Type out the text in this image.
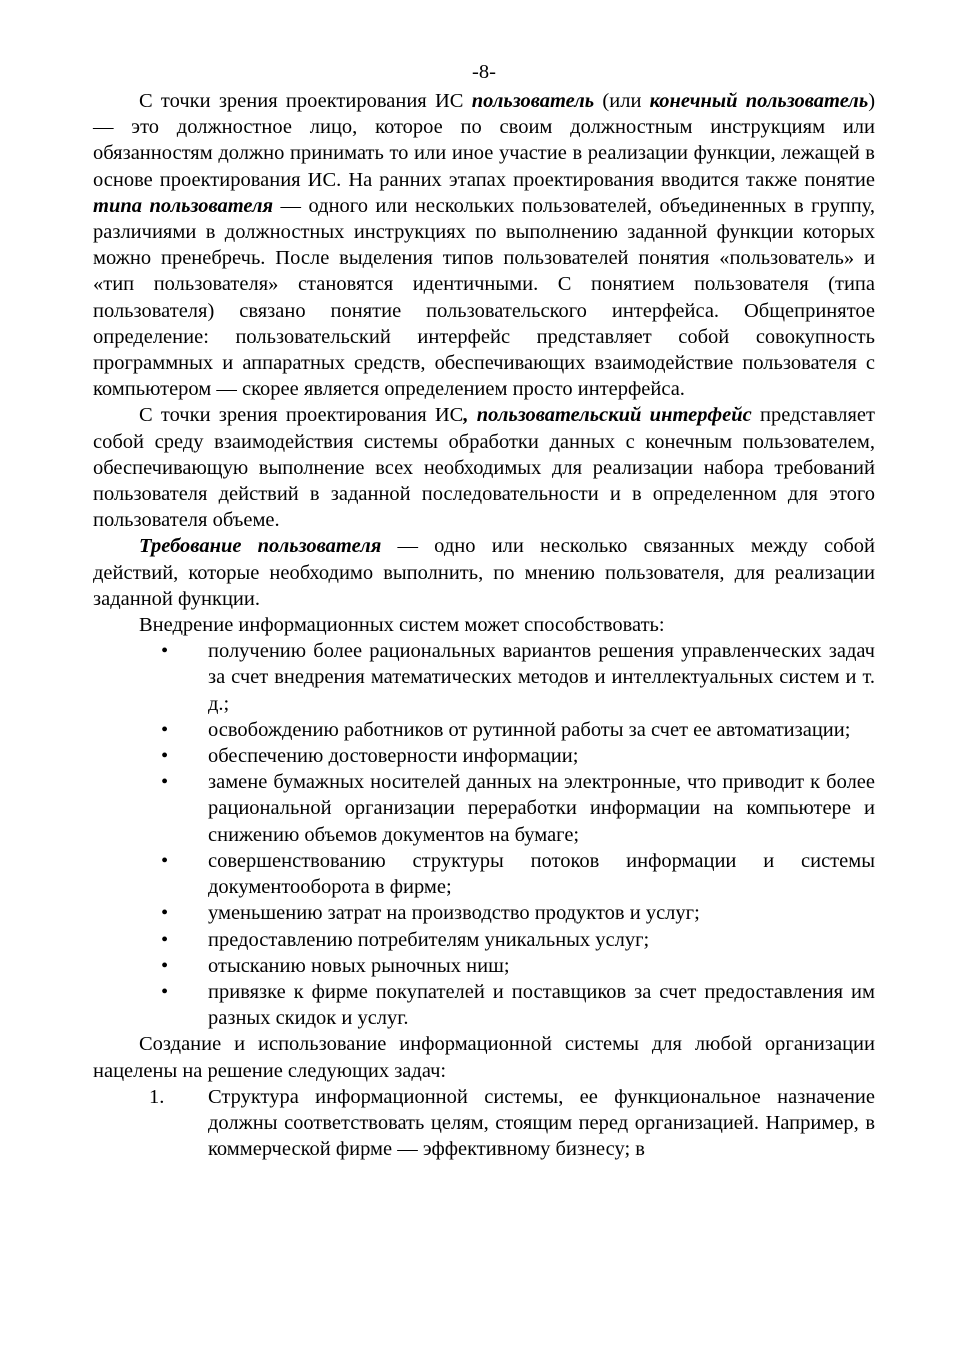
-8-

С точки зрения проектирования ИС пользователь (или конечный пользователь) — это должностное лицо, которое по своим должностным инструкциям или обязанностям должно принимать то или иное участие в реализации функции, лежащей в основе проектирования ИС. На ранних этапах проектирования вводится также понятие типа пользователя — одного или нескольких пользователей, объединенных в группу, различиями в должностных инструкциях по выполнению заданной функции которых можно пренебречь. После выделения типов пользователей понятия «пользователь» и «тип пользователя» становятся идентичными. С понятием пользователя (типа пользователя) связано понятие пользовательского интерфейса. Общепринятое определение: пользовательский интерфейс представляет собой совокупность программных и аппаратных средств, обеспечивающих взаимодействие пользователя с компьютером — скорее является определением просто интерфейса.

С точки зрения проектирования ИС, пользовательский интерфейс представляет собой среду взаимодействия системы обработки данных с конечным пользователем, обеспечивающую выполнение всех необходимых для реализации набора требований пользователя действий в заданной последовательности и в определенном для этого пользователя объеме.

Требование пользователя — одно или несколько связанных между собой действий, которые необходимо выполнить, по мнению пользователя, для реализации заданной функции.

Внедрение информационных систем может способствовать:

• получению более рациональных вариантов решения управленческих задач за счет внедрения математических методов и интеллектуальных систем и т. д.;
• освобождению работников от рутинной работы за счет ее автоматизации;
• обеспечению достоверности информации;
• замене бумажных носителей данных на электронные, что приводит к более рациональной организации переработки информации на компьютере и снижению объемов документов на бумаге;
• совершенствованию структуры потоков информации и системы документооборота в фирме;
• уменьшению затрат на производство продуктов и услуг;
• предоставлению потребителям уникальных услуг;
• отысканию новых рыночных ниш;
• привязке к фирме покупателей и поставщиков за счет предоставления им разных скидок и услуг.

Создание и использование информационной системы для любой организации нацелены на решение следующих задач:

1. Структура информационной системы, ее функциональное назначение должны соответствовать целям, стоящим перед организацией. Например, в коммерческой фирме — эффективному бизнесу; в
